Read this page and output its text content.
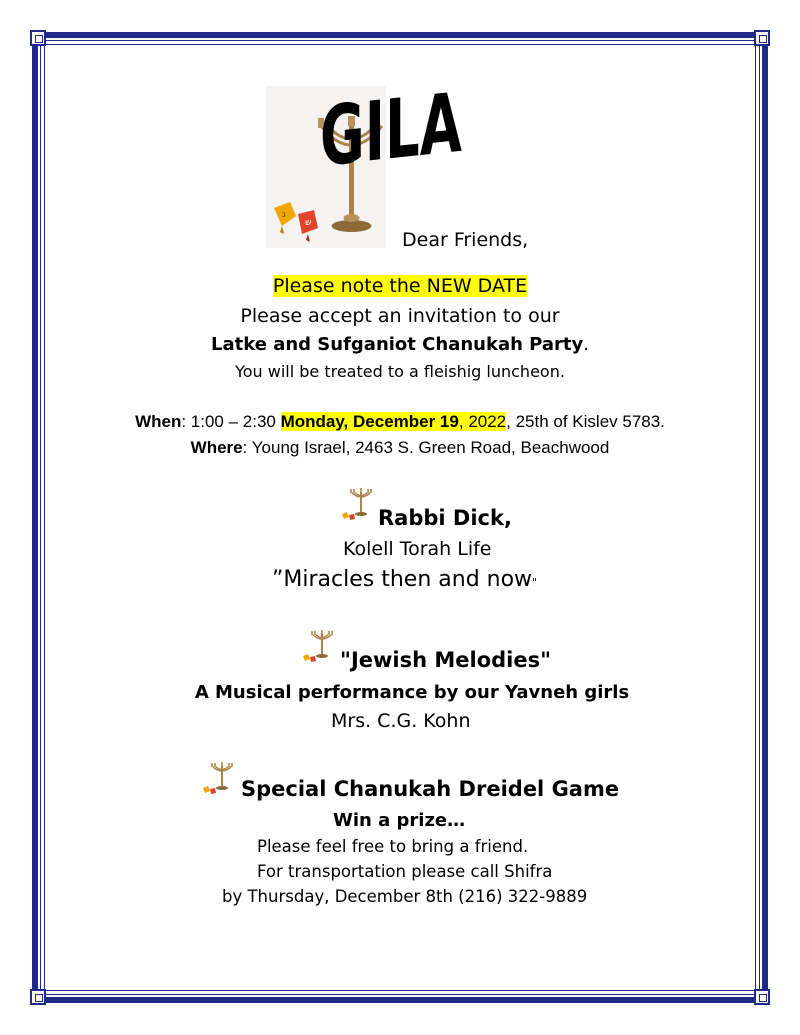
ג
ש
GILA
Dear Friends,
Please note the NEW DATE
Please accept an invitation to our
Latke and Sufganiot Chanukah Party.
You will be treated to a fleishig luncheon.
When: 1:00 – 2:30 Monday, December 19, 2022, 25th of Kislev 5783.
Where: Young Israel, 2463 S. Green Road, Beachwood
Rabbi Dick,
Kolell Torah Life
”Miracles then and now"
"Jewish Melodies"
A Musical performance by our Yavneh girls
Mrs. C.G. Kohn
Special Chanukah Dreidel Game
Win a prize…
Please feel free to bring a friend.
For transportation please call Shifra
by Thursday, December 8th (216) 322-9889
